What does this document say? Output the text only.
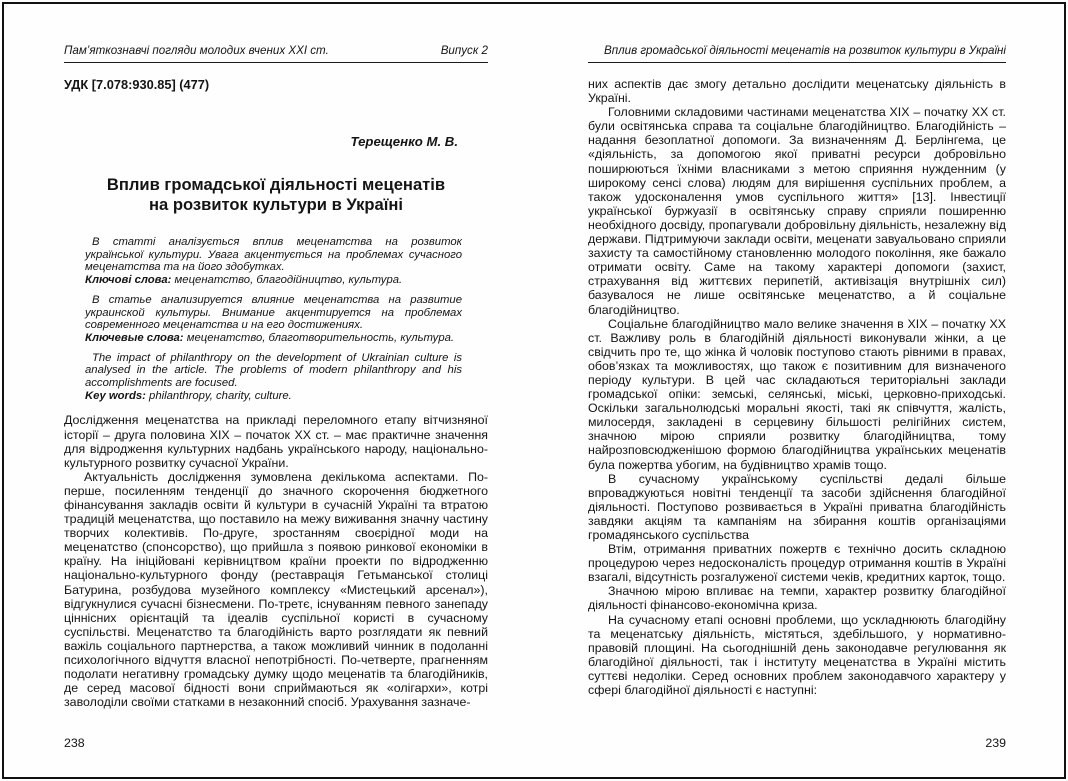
Пам’яткознавчі погляди молодих вчених XXI ст.	Випуск 2
УДК [7.078:930.85] (477)
Терещенко М. В.
Вплив громадської діяльності меценатів
на розвиток культури в Україні

В статті аналізується вплив меценатства на розвиток української культури. Увага акцентується на проблемах сучасного меценатства та на його здобутках.

Ключові слова: меценатство, благодійництво, культура.

В статье анализируется влияние меценатства на развитие украинской культуры. Внимание акцентируется на проблемах современного меценатства и на его достижениях.

Ключевые слова: меценатство, благотворительность, культура.

The impact of philanthropy on the development of Ukrainian culture is analysed in the article. The problems of modern philanthropy and his accomplishments are focused.

Key words: philanthropy, charity, culture.

Дослідження меценатства на прикладі переломного етапу вітчизняної історії – друга половина XIX – початок XX ст. – має практичне значення для відродження культурних надбань українського народу, національно-культурного розвитку сучасної України.

Актуальність дослідження зумовлена декількома аспектами. По-перше, посиленням тенденції до значного скорочення бюджетного фінансування закладів освіти й культури в сучасній Україні та втратою традицій меценатства, що поставило на межу виживання значну частину творчих колективів. По-друге, зростанням своєрідної моди на меценатство (спонсорство), що прийшла з появою ринкової економіки в країну. На ініційовані керівництвом країни проекти по відродженню національно-культурного фонду (реставрація Гетьманської столиці Батурина, розбудова музейного комплексу «Мистецький арсенал»), відгукнулися сучасні бізнесмени. По-третє, існуванням певного занепаду ціннісних орієнтацій та ідеалів суспільної користі в сучасному суспільстві. Меценатство та благодійність варто розглядати як певний важіль соціального партнерства, а також можливий чинник в подоланні психологічного відчуття власної непотрібності. По-четверте, прагненням подолати негативну громадську думку щодо меценатів та благодійників, де серед масової бідності вони сприймаються як «олігархи», котрі заволоділи своїми статками в незаконний спосіб. Урахування зазначе-

Вплив громадської діяльності меценатів на розвиток культури в Україні

них аспектів дає змогу детально дослідити меценатську діяльність в Україні.

Головними складовими частинами меценатства XIX – початку XX ст. були освітянська справа та соціальне благодійництво. Благодійність – надання безоплатної допомоги. За визначенням Д. Берлінгема, це «діяльність, за допомогою якої приватні ресурси добровільно поширюються їхніми власниками з метою сприяння нужденним (у широкому сенсі слова) людям для вирішення суспільних проблем, а також удосконалення умов суспільного життя» [13]. Інвестиції української буржуазії в освітянську справу сприяли поширенню необхідного досвіду, пропагували добровільну діяльність, незалежну від держави. Підтримуючи заклади освіти, меценати завуальовано сприяли захисту та самостійному становленню молодого покоління, яке бажало отримати освіту. Саме на такому характері допомоги (захист, страхування від життєвих перипетій, активізація внутрішніх сил) базувалося не лише освітянське меценатство, а й соціальне благодійництво.

Соціальне благодійництво мало велике значення в XIX – початку XX ст. Важливу роль в благодійній діяльності виконували жінки, а це свідчить про те, що жінка й чоловік поступово стають рівними в правах, обов’язках та можливостях, що також є позитивним для визначеного періоду культури. В цей час складаються територіальні заклади громадської опіки: земські, селянські, міські, церковно-приходські. Оскільки загальнолюдські моральні якості, такі як співчуття, жалість, милосердя, закладені в серцевину більшості релігійних систем, значною мірою сприяли розвитку благодійництва, тому найрозповсюдженішою формою благодійництва українських меценатів була пожертва убогим, на будівництво храмів тощо.

В сучасному українському суспільстві дедалі більше впроваджуються новітні тенденції та засоби здійснення благодійної діяльності. Поступово розвивається в Україні приватна благодійність завдяки акціям та кампаніям на збирання коштів організаціями громадянського суспільства

Втім, отримання приватних пожертв є технічно досить складною процедурою через недосконалість процедур отримання коштів в Україні взагалі, відсутність розгалуженої системи чеків, кредитних карток, тощо.

Значною мірою впливає на темпи, характер розвитку благодійної діяльності фінансово-економічна криза.

На сучасному етапі основні проблеми, що ускладнюють благодійну та меценатську діяльність, містяться, здебільшого, у нормативно-правовій площині. На сьогоднішній день законодавче регулювання як благодійної діяльності, так і інституту меценатства в Україні містить суттєві недоліки. Серед основних проблем законодавчого характеру у сфері благодійної діяльності є наступні:

238	239
